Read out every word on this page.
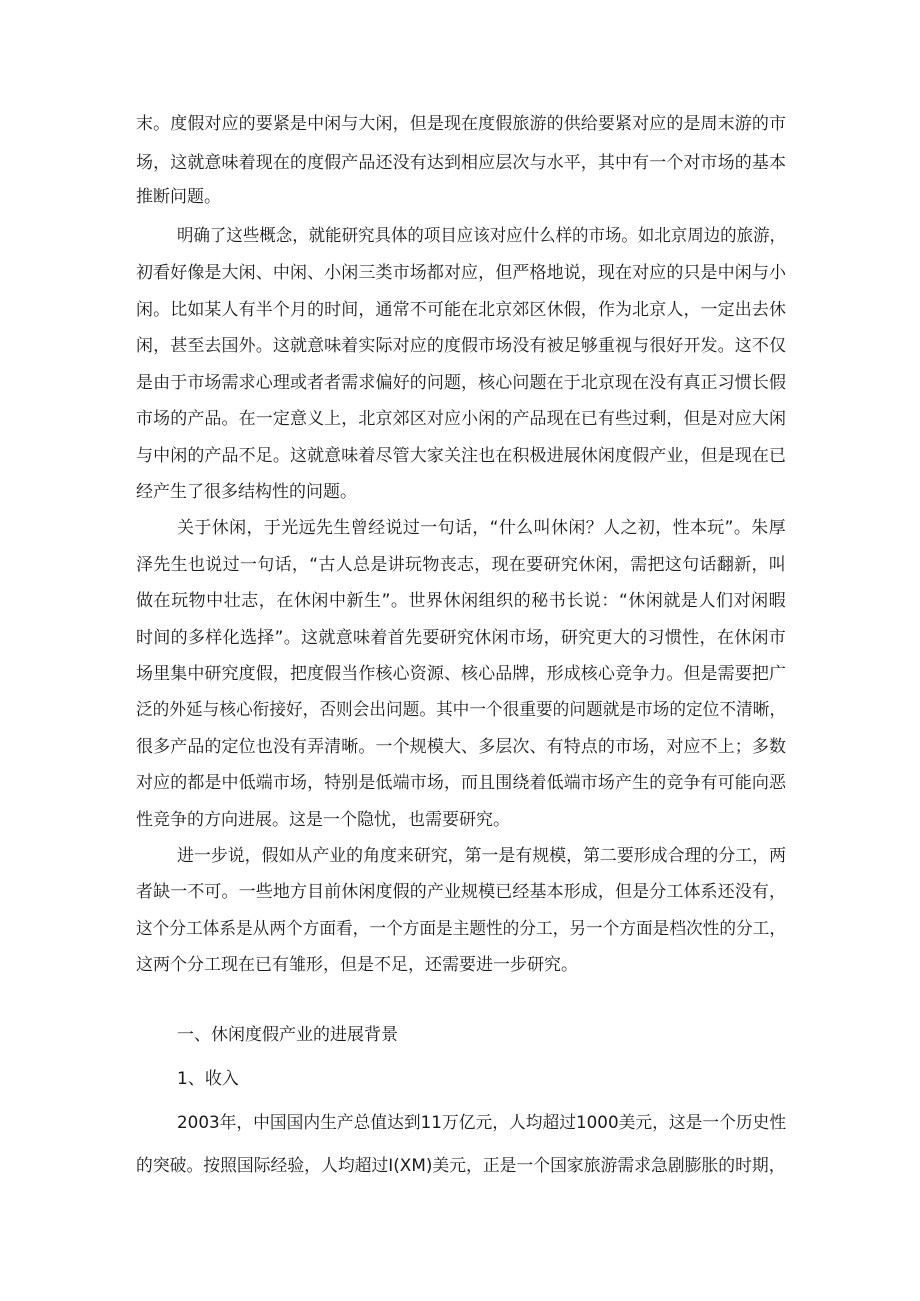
末。度假对应的要紧是中闲与大闲，但是现在度假旅游的供给要紧对应的是周末游的市
场，这就意味着现在的度假产品还没有达到相应层次与水平，其中有一个对市场的基本
推断问题。
明确了这些概念，就能研究具体的项目应该对应什么样的市场。如北京周边的旅游，
初看好像是大闲、中闲、小闲三类市场都对应，但严格地说，现在对应的只是中闲与小
闲。比如某人有半个月的时间，通常不可能在北京郊区休假，作为北京人，一定出去休
闲，甚至去国外。这就意味着实际对应的度假市场没有被足够重视与很好开发。这不仅
是由于市场需求心理或者者需求偏好的问题，核心问题在于北京现在没有真正习惯长假
市场的产品。在一定意义上，北京郊区对应小闲的产品现在已有些过剩，但是对应大闲
与中闲的产品不足。这就意味着尽管大家关注也在积极进展休闲度假产业，但是现在已
经产生了很多结构性的问题。
关于休闲，于光远先生曾经说过一句话，“什么叫休闲？人之初，性本玩”。朱厚
泽先生也说过一句话，“古人总是讲玩物丧志，现在要研究休闲，需把这句话翻新，叫
做在玩物中壮志，在休闲中新生”。世界休闲组织的秘书长说：“休闲就是人们对闲暇
时间的多样化选择”。这就意味着首先要研究休闲市场，研究更大的习惯性，在休闲市
场里集中研究度假，把度假当作核心资源、核心品牌，形成核心竞争力。但是需要把广
泛的外延与核心衔接好，否则会出问题。其中一个很重要的问题就是市场的定位不清晰，
很多产品的定位也没有弄清晰。一个规模大、多层次、有特点的市场，对应不上；多数
对应的都是中低端市场，特别是低端市场，而且围绕着低端市场产生的竞争有可能向恶
性竞争的方向进展。这是一个隐忧，也需要研究。
进一步说，假如从产业的角度来研究，第一是有规模，第二要形成合理的分工，两
者缺一不可。一些地方目前休闲度假的产业规模已经基本形成，但是分工体系还没有，
这个分工体系是从两个方面看，一个方面是主题性的分工，另一个方面是档次性的分工，
这两个分工现在已有雏形，但是不足，还需要进一步研究。
一、休闲度假产业的进展背景
1、收入
2003年，中国国内生产总值达到11万亿元，人均超过1000美元，这是一个历史性
的突破。按照国际经验，人均超过I(XM)美元，正是一个国家旅游需求急剧膨胀的时期，
